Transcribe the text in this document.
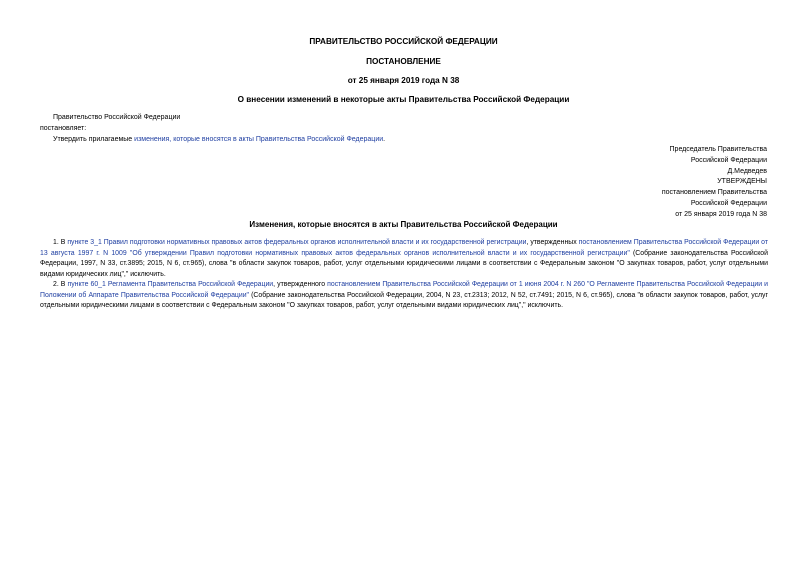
ПРАВИТЕЛЬСТВО РОССИЙСКОЙ ФЕДЕРАЦИИ
ПОСТАНОВЛЕНИЕ
от 25 января 2019 года N 38
О внесении изменений в некоторые акты Правительства Российской Федерации
Правительство Российской Федерации
постановляет:
Утвердить прилагаемые изменения, которые вносятся в акты Правительства Российской Федерации.
Председатель Правительства
Российской Федерации
Д.Медведев
УТВЕРЖДЕНЫ
постановлением Правительства
Российской Федерации
от 25 января 2019 года N 38
Изменения, которые вносятся в акты Правительства Российской Федерации
1. В пункте 3_1 Правил подготовки нормативных правовых актов федеральных органов исполнительной власти и их государственной регистрации, утвержденных постановлением Правительства Российской Федерации от 13 августа 1997 г. N 1009 "Об утверждении Правил подготовки нормативных правовых актов федеральных органов исполнительной власти и их государственной регистрации" (Собрание законодательства Российской Федерации, 1997, N 33, ст.3895; 2015, N 6, ст.965), слова "в области закупок товаров, работ, услуг отдельными юридическими лицами в соответствии с Федеральным законом "О закупках товаров, работ, услуг отдельными видами юридических лиц"," исключить.
2. В пункте 60_1 Регламента Правительства Российской Федерации, утвержденного постановлением Правительства Российской Федерации от 1 июня 2004 г. N 260 "О Регламенте Правительства Российской Федерации и Положении об Аппарате Правительства Российской Федерации" (Собрание законодательства Российской Федерации, 2004, N 23, ст.2313; 2012, N 52, ст.7491; 2015, N 6, ст.965), слова "в области закупок товаров, работ, услуг отдельными юридическими лицами в соответствии с Федеральным законом "О закупках товаров, работ, услуг отдельными видами юридических лиц"," исключить.
